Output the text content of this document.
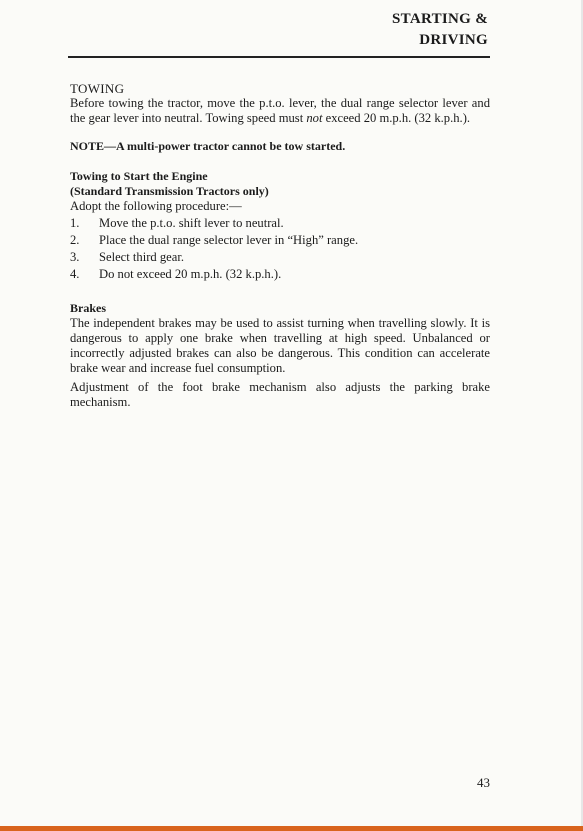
STARTING &
DRIVING
TOWING

Before towing the tractor, move the p.t.o. lever, the dual range selector lever and the gear lever into neutral. Towing speed must not exceed 20 m.p.h. (32 k.p.h.).

NOTE—A multi-power tractor cannot be tow started.

Towing to Start the Engine
(Standard Transmission Tractors only)

Adopt the following procedure:—

1. Move the p.t.o. shift lever to neutral.
2. Place the dual range selector lever in “High” range.
3. Select third gear.
4. Do not exceed 20 m.p.h. (32 k.p.h.).
Brakes

The independent brakes may be used to assist turning when travelling slowly. It is dangerous to apply one brake when travelling at high speed. Unbalanced or incorrectly adjusted brakes can also be dangerous. This condition can accelerate brake wear and increase fuel consumption.

Adjustment of the foot brake mechanism also adjusts the parking brake mechanism.

43
